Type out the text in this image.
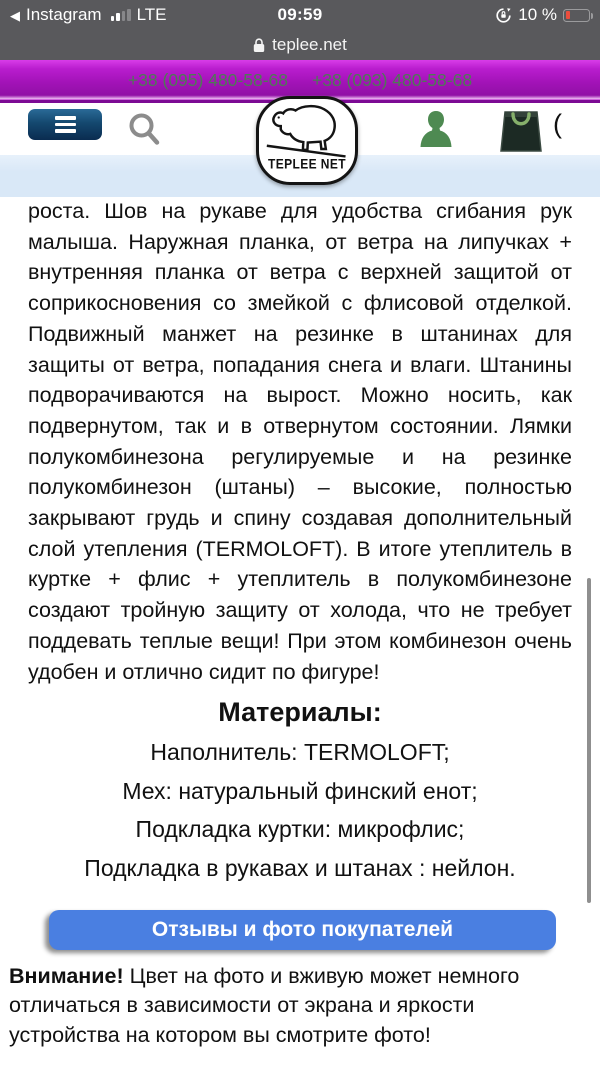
◀ Instagram LTE	09:59	10 %
teplee.net
+38 (095) 480-58-68 +38 (093) 480-58-68
(
TEPLEE NET

роста. Шов на рукаве для удобства сгибания рук малыша. Наружная планка, от ветра на липучках + внутренняя планка от ветра с верхней защитой от соприкосновения со змейкой с флисовой отделкой. Подвижный манжет на резинке в штанинах для защиты от ветра, попадания снега и влаги. Штанины подворачиваются на вырост. Можно носить, как подвернутом, так и в отвернутом состоянии. Лямки полукомбинезона регулируемые и на резинке полукомбинезон (штаны) – высокие, полностью закрывают грудь и спину создавая дополнительный слой утепления (TERMOLOFT). В итоге утеплитель в куртке + флис + утеплитель в полукомбинезоне создают тройную защиту от холода, что не требует поддевать теплые вещи! При этом комбинезон очень удобен и отлично сидит по фигуре!

Материалы:
Наполнитель: TERMOLOFT;
Мех: натуральный финский енот;
Подкладка куртки: микрофлис;
Подкладка в рукавах и штанах : нейлон.
Отзывы и фото покупателей

Внимание! Цвет на фото и вживую может немного отличаться в зависимости от экрана и яркости устройства на котором вы смотрите фото!
